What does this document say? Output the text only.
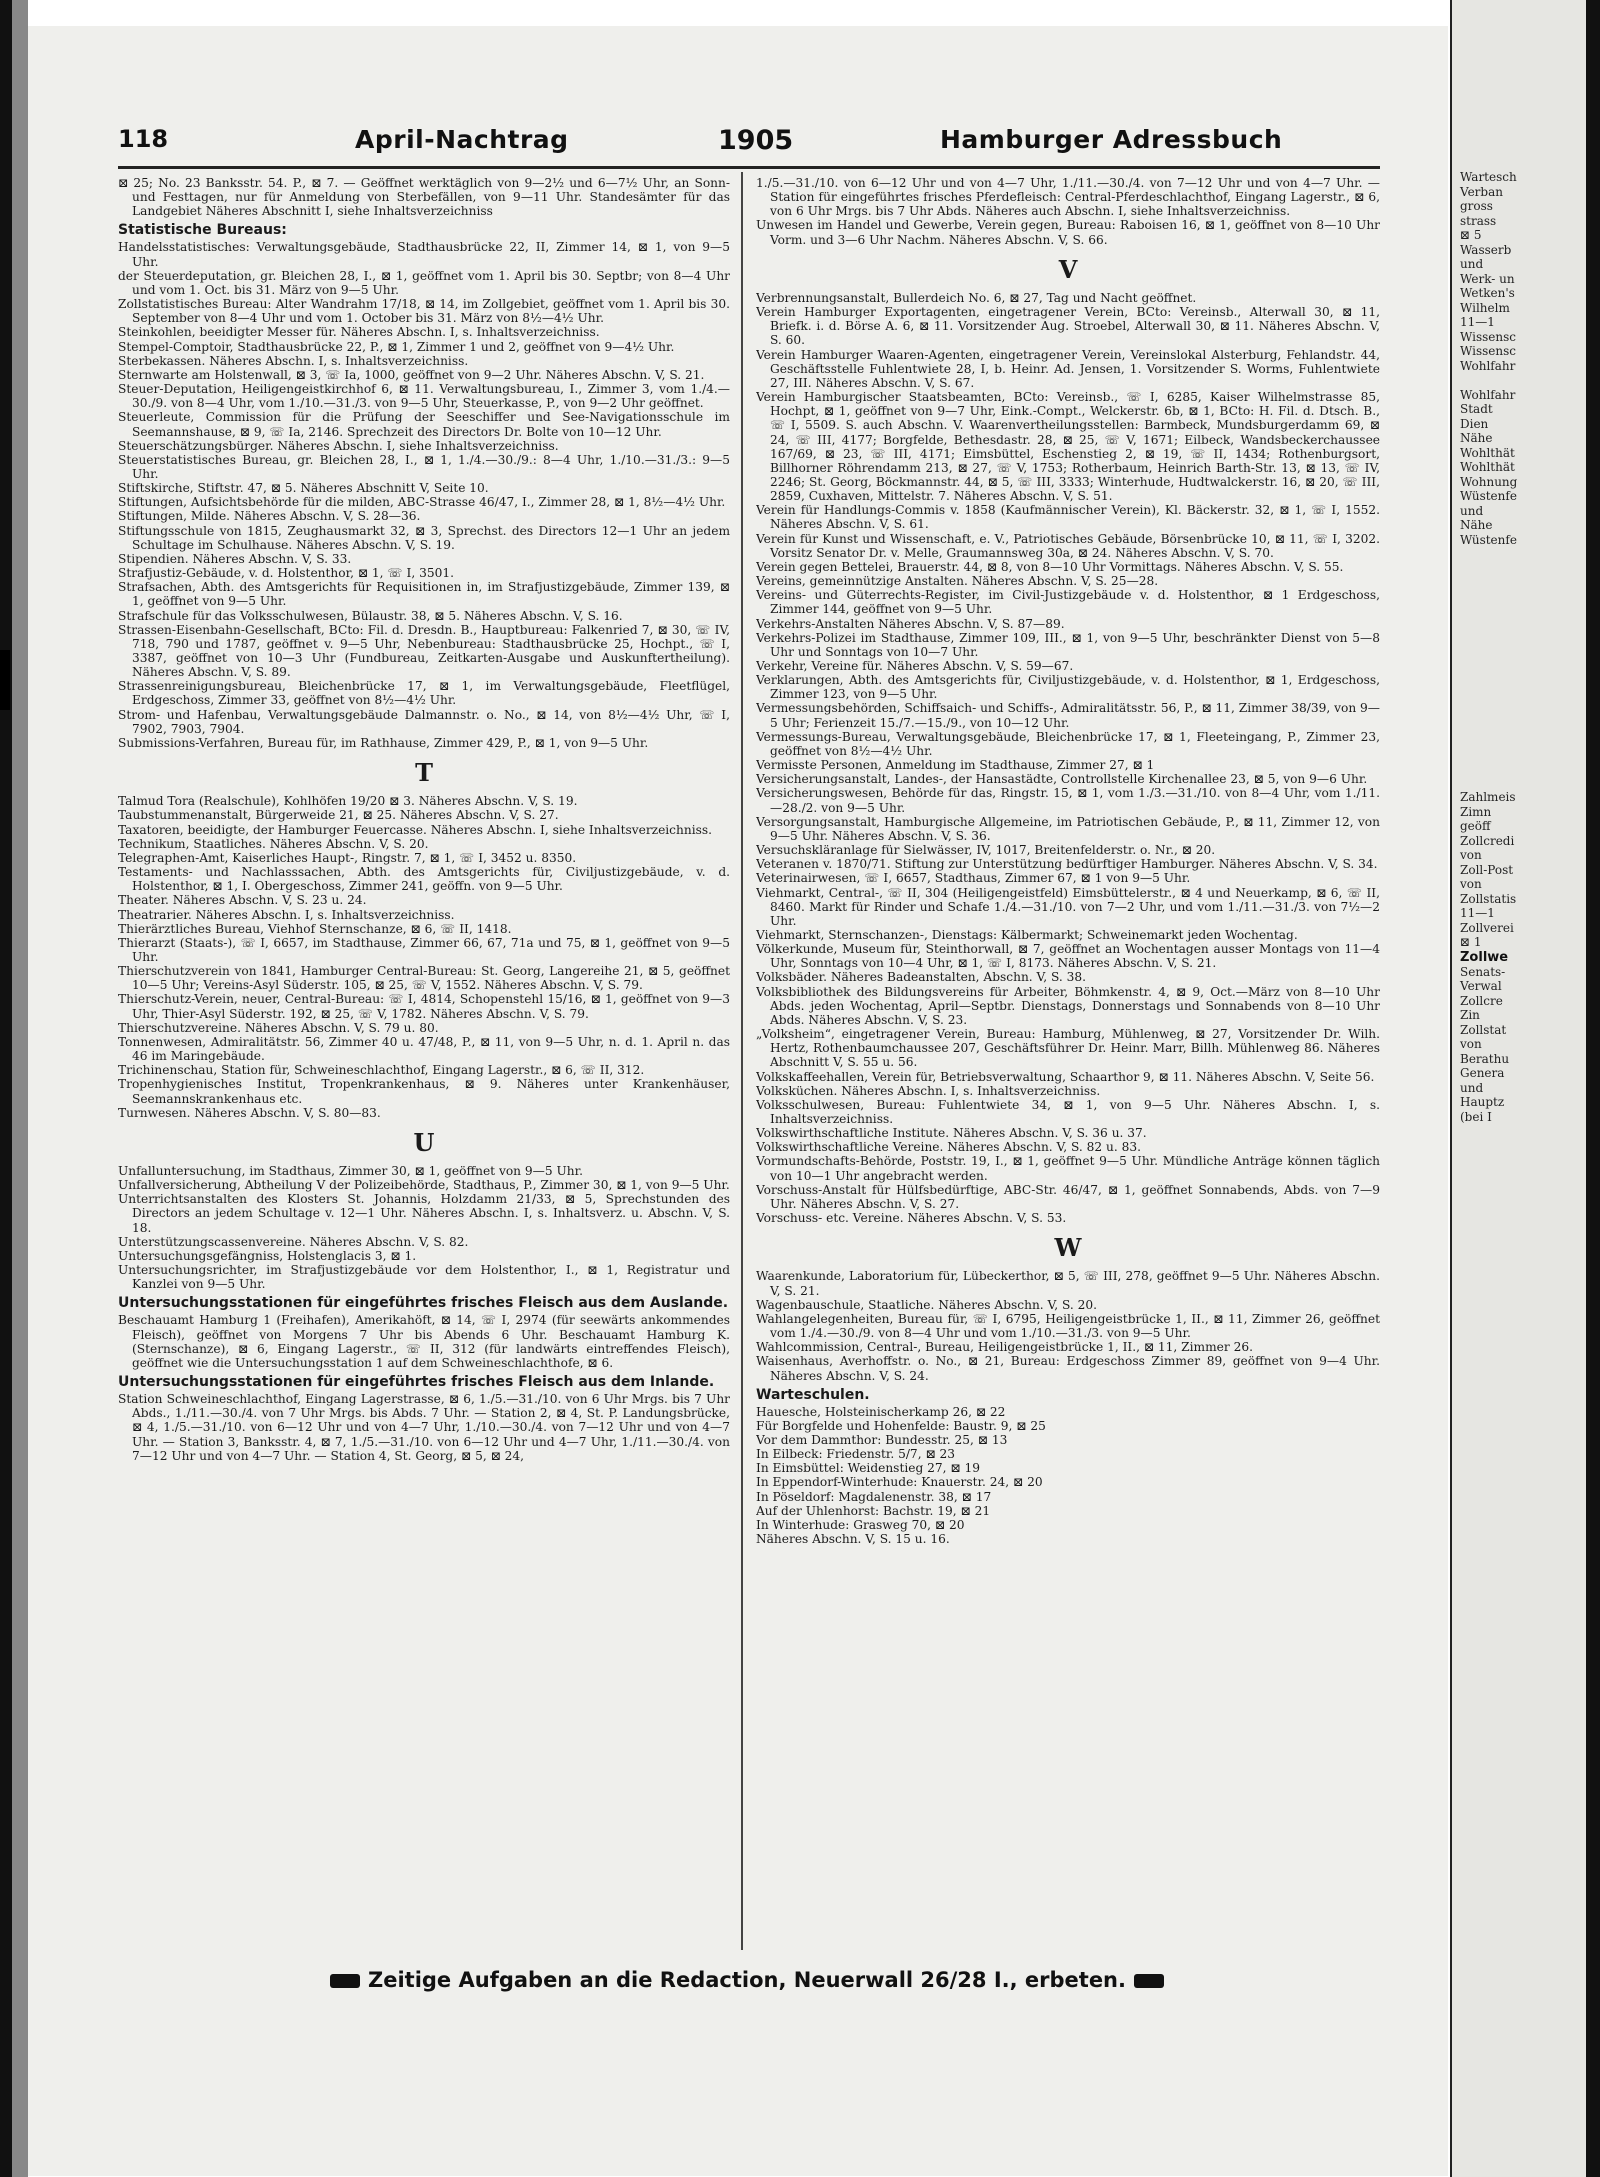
118	April-Nachtrag	1905	Hamburger Adressbuch

⊠ 25; No. 23 Banksstr. 54. P., ⊠ 7. — Geöffnet werktäglich von 9—2½ und 6—7½ Uhr, an Sonn- und Festtagen, nur für Anmeldung von Sterbefällen, von 9—11 Uhr. Standesämter für das Landgebiet Näheres Abschnitt I, siehe Inhaltsverzeichniss

Statistische Bureaus:

Handelsstatistisches: Verwaltungsgebäude, Stadthausbrücke 22, II, Zimmer 14, ⊠ 1, von 9—5 Uhr.

der Steuerdeputation, gr. Bleichen 28, I., ⊠ 1, geöffnet vom 1. April bis 30. Septbr; von 8—4 Uhr und vom 1. Oct. bis 31. März von 9—5 Uhr.

Zollstatistisches Bureau: Alter Wandrahm 17/18, ⊠ 14, im Zollgebiet, geöffnet vom 1. April bis 30. September von 8—4 Uhr und vom 1. October bis 31. März von 8½—4½ Uhr.

Steinkohlen, beeidigter Messer für. Näheres Abschn. I, s. Inhaltsverzeichniss.

Stempel-Comptoir, Stadthausbrücke 22, P., ⊠ 1, Zimmer 1 und 2, geöffnet von 9—4½ Uhr.

Sterbekassen. Näheres Abschn. I, s. Inhaltsverzeichniss.

Sternwarte am Holstenwall, ⊠ 3, ☏ Ia, 1000, geöffnet von 9—2 Uhr. Näheres Abschn. V, S. 21.

Steuer-Deputation, Heiligengeistkirchhof 6, ⊠ 11. Verwaltungsbureau, I., Zimmer 3, vom 1./4.—30./9. von 8—4 Uhr, vom 1./10.—31./3. von 9—5 Uhr, Steuerkasse, P., von 9—2 Uhr geöffnet.

Steuerleute, Commission für die Prüfung der Seeschiffer und See-Navigationsschule im Seemannshause, ⊠ 9, ☏ Ia, 2146. Sprechzeit des Directors Dr. Bolte von 10—12 Uhr.

Steuerschätzungsbürger. Näheres Abschn. I, siehe Inhaltsverzeichniss.

Steuerstatistisches Bureau, gr. Bleichen 28, I., ⊠ 1, 1./4.—30./9.: 8—4 Uhr, 1./10.—31./3.: 9—5 Uhr.

Stiftskirche, Stiftstr. 47, ⊠ 5. Näheres Abschnitt V, Seite 10.

Stiftungen, Aufsichtsbehörde für die milden, ABC-Strasse 46/47, I., Zimmer 28, ⊠ 1, 8½—4½ Uhr.

Stiftungen, Milde. Näheres Abschn. V, S. 28—36.

Stiftungsschule von 1815, Zeughausmarkt 32, ⊠ 3, Sprechst. des Directors 12—1 Uhr an jedem Schultage im Schulhause. Näheres Abschn. V, S. 19.

Stipendien. Näheres Abschn. V, S. 33.

Strafjustiz-Gebäude, v. d. Holstenthor, ⊠ 1, ☏ I, 3501.

Strafsachen, Abth. des Amtsgerichts für Requisitionen in, im Strafjustizgebäude, Zimmer 139, ⊠ 1, geöffnet von 9—5 Uhr.

Strafschule für das Volksschulwesen, Bülaustr. 38, ⊠ 5. Näheres Abschn. V, S. 16.

Strassen-Eisenbahn-Gesellschaft, BCto: Fil. d. Dresdn. B., Hauptbureau: Falkenried 7, ⊠ 30, ☏ IV, 718, 790 und 1787, geöffnet v. 9—5 Uhr, Nebenbureau: Stadthausbrücke 25, Hochpt., ☏ I, 3387, geöffnet von 10—3 Uhr (Fundbureau, Zeitkarten-Ausgabe und Auskunftertheilung). Näheres Abschn. V, S. 89.

Strassenreinigungsbureau, Bleichenbrücke 17, ⊠ 1, im Verwaltungsgebäude, Fleetflügel, Erdgeschoss, Zimmer 33, geöffnet von 8½—4½ Uhr.

Strom- und Hafenbau, Verwaltungsgebäude Dalmannstr. o. No., ⊠ 14, von 8½—4½ Uhr, ☏ I, 7902, 7903, 7904.

Submissions-Verfahren, Bureau für, im Rathhause, Zimmer 429, P., ⊠ 1, von 9—5 Uhr.

T

Talmud Tora (Realschule), Kohlhöfen 19/20 ⊠ 3. Näheres Abschn. V, S. 19.

Taubstummenanstalt, Bürgerweide 21, ⊠ 25. Näheres Abschn. V, S. 27.

Taxatoren, beeidigte, der Hamburger Feuercasse. Näheres Abschn. I, siehe Inhaltsverzeichniss.

Technikum, Staatliches. Näheres Abschn. V, S. 20.

Telegraphen-Amt, Kaiserliches Haupt-, Ringstr. 7, ⊠ 1, ☏ I, 3452 u. 8350.

Testaments- und Nachlasssachen, Abth. des Amtsgerichts für, Civiljustizgebäude, v. d. Holstenthor, ⊠ 1, I. Obergeschoss, Zimmer 241, geöffn. von 9—5 Uhr.

Theater. Näheres Abschn. V, S. 23 u. 24.

Theatrarier. Näheres Abschn. I, s. Inhaltsverzeichniss.

Thierärztliches Bureau, Viehhof Sternschanze, ⊠ 6, ☏ II, 1418.

Thierarzt (Staats-), ☏ I, 6657, im Stadthause, Zimmer 66, 67, 71a und 75, ⊠ 1, geöffnet von 9—5 Uhr.

Thierschutzverein von 1841, Hamburger Central-Bureau: St. Georg, Langereihe 21, ⊠ 5, geöffnet 10—5 Uhr; Vereins-Asyl Süderstr. 105, ⊠ 25, ☏ V, 1552. Näheres Abschn. V, S. 79.

Thierschutz-Verein, neuer, Central-Bureau: ☏ I, 4814, Schopenstehl 15/16, ⊠ 1, geöffnet von 9—3 Uhr, Thier-Asyl Süderstr. 192, ⊠ 25, ☏ V, 1782. Näheres Abschn. V, S. 79.

Thierschutzvereine. Näheres Abschn. V, S. 79 u. 80.

Tonnenwesen, Admiralitätstr. 56, Zimmer 40 u. 47/48, P., ⊠ 11, von 9—5 Uhr, n. d. 1. April n. das 46 im Maringebäude.

Trichinenschau, Station für, Schweineschlachthof, Eingang Lagerstr., ⊠ 6, ☏ II, 312.

Tropenhygienisches Institut, Tropenkrankenhaus, ⊠ 9. Näheres unter Krankenhäuser, Seemannskrankenhaus etc.

Turnwesen. Näheres Abschn. V, S. 80—83.

U

Unfalluntersuchung, im Stadthaus, Zimmer 30, ⊠ 1, geöffnet von 9—5 Uhr.

Unfallversicherung, Abtheilung V der Polizeibehörde, Stadthaus, P., Zimmer 30, ⊠ 1, von 9—5 Uhr.

Unterrichtsanstalten des Klosters St. Johannis, Holzdamm 21/33, ⊠ 5, Sprechstunden des Directors an jedem Schultage v. 12—1 Uhr. Näheres Abschn. I, s. Inhaltsverz. u. Abschn. V, S. 18.

Unterstützungscassenvereine. Näheres Abschn. V, S. 82.

Untersuchungsgefängniss, Holstenglacis 3, ⊠ 1.

Untersuchungsrichter, im Strafjustizgebäude vor dem Holstenthor, I., ⊠ 1, Registratur und Kanzlei von 9—5 Uhr.

Untersuchungsstationen für eingeführtes frisches Fleisch aus dem Auslande.

Beschauamt Hamburg 1 (Freihafen), Amerikahöft, ⊠ 14, ☏ I, 2974 (für seewärts ankommendes Fleisch), geöffnet von Morgens 7 Uhr bis Abends 6 Uhr. Beschauamt Hamburg K. (Sternschanze), ⊠ 6, Eingang Lagerstr., ☏ II, 312 (für landwärts eintreffendes Fleisch), geöffnet wie die Untersuchungsstation 1 auf dem Schweineschlachthofe, ⊠ 6.

Untersuchungsstationen für eingeführtes frisches Fleisch aus dem Inlande.

Station Schweineschlachthof, Eingang Lagerstrasse, ⊠ 6, 1./5.—31./10. von 6 Uhr Mrgs. bis 7 Uhr Abds., 1./11.—30./4. von 7 Uhr Mrgs. bis Abds. 7 Uhr. — Station 2, ⊠ 4, St. P. Landungsbrücke, ⊠ 4, 1./5.—31./10. von 6—12 Uhr und von 4—7 Uhr, 1./10.—30./4. von 7—12 Uhr und von 4—7 Uhr. — Station 3, Banksstr. 4, ⊠ 7, 1./5.—31./10. von 6—12 Uhr und 4—7 Uhr, 1./11.—30./4. von 7—12 Uhr und von 4—7 Uhr. — Station 4, St. Georg, ⊠ 5, ⊠ 24,

1./5.—31./10. von 6—12 Uhr und von 4—7 Uhr, 1./11.—30./4. von 7—12 Uhr und von 4—7 Uhr. — Station für eingeführtes frisches Pferdefleisch: Central-Pferdeschlachthof, Eingang Lagerstr., ⊠ 6, von 6 Uhr Mrgs. bis 7 Uhr Abds. Näheres auch Abschn. I, siehe Inhaltsverzeichniss.

Unwesen im Handel und Gewerbe, Verein gegen, Bureau: Raboisen 16, ⊠ 1, geöffnet von 8—10 Uhr Vorm. und 3—6 Uhr Nachm. Näheres Abschn. V, S. 66.

V

Verbrennungsanstalt, Bullerdeich No. 6, ⊠ 27, Tag und Nacht geöffnet.

Verein Hamburger Exportagenten, eingetragener Verein, BCto: Vereinsb., Alterwall 30, ⊠ 11, Briefk. i. d. Börse A. 6, ⊠ 11. Vorsitzender Aug. Stroebel, Alterwall 30, ⊠ 11. Näheres Abschn. V, S. 60.

Verein Hamburger Waaren-Agenten, eingetragener Verein, Vereinslokal Alsterburg, Fehlandstr. 44, Geschäftsstelle Fuhlentwiete 28, I, b. Heinr. Ad. Jensen, 1. Vorsitzender S. Worms, Fuhlentwiete 27, III. Näheres Abschn. V, S. 67.

Verein Hamburgischer Staatsbeamten, BCto: Vereinsb., ☏ I, 6285, Kaiser Wilhelmstrasse 85, Hochpt, ⊠ 1, geöffnet von 9—7 Uhr, Eink.-Compt., Welckerstr. 6b, ⊠ 1, BCto: H. Fil. d. Dtsch. B., ☏ I, 5509. S. auch Abschn. V. Waarenvertheilungsstellen: Barmbeck, Mundsburgerdamm 69, ⊠ 24, ☏ III, 4177; Borgfelde, Bethesdastr. 28, ⊠ 25, ☏ V, 1671; Eilbeck, Wandsbeckerchaussee 167/69, ⊠ 23, ☏ III, 4171; Eimsbüttel, Eschenstieg 2, ⊠ 19, ☏ II, 1434; Rothenburgsort, Billhorner Röhrendamm 213, ⊠ 27, ☏ V, 1753; Rotherbaum, Heinrich Barth-Str. 13, ⊠ 13, ☏ IV, 2246; St. Georg, Böckmannstr. 44, ⊠ 5, ☏ III, 3333; Winterhude, Hudtwalckerstr. 16, ⊠ 20, ☏ III, 2859, Cuxhaven, Mittelstr. 7. Näheres Abschn. V, S. 51.

Verein für Handlungs-Commis v. 1858 (Kaufmännischer Verein), Kl. Bäckerstr. 32, ⊠ 1, ☏ I, 1552. Näheres Abschn. V, S. 61.

Verein für Kunst und Wissenschaft, e. V., Patriotisches Gebäude, Börsenbrücke 10, ⊠ 11, ☏ I, 3202. Vorsitz Senator Dr. v. Melle, Graumannsweg 30a, ⊠ 24. Näheres Abschn. V, S. 70.

Verein gegen Bettelei, Brauerstr. 44, ⊠ 8, von 8—10 Uhr Vormittags. Näheres Abschn. V, S. 55.

Vereins, gemeinnützige Anstalten. Näheres Abschn. V, S. 25—28.

Vereins- und Güterrechts-Register, im Civil-Justizgebäude v. d. Holstenthor, ⊠ 1 Erdgeschoss, Zimmer 144, geöffnet von 9—5 Uhr.

Verkehrs-Anstalten Näheres Abschn. V, S. 87—89.

Verkehrs-Polizei im Stadthause, Zimmer 109, III., ⊠ 1, von 9—5 Uhr, beschränkter Dienst von 5—8 Uhr und Sonntags von 10—7 Uhr.

Verkehr, Vereine für. Näheres Abschn. V, S. 59—67.

Verklarungen, Abth. des Amtsgerichts für, Civiljustizgebäude, v. d. Holstenthor, ⊠ 1, Erdgeschoss, Zimmer 123, von 9—5 Uhr.

Vermessungsbehörden, Schiffsaich- und Schiffs-, Admiralitätsstr. 56, P., ⊠ 11, Zimmer 38/39, von 9—5 Uhr; Ferienzeit 15./7.—15./9., von 10—12 Uhr.

Vermessungs-Bureau, Verwaltungsgebäude, Bleichenbrücke 17, ⊠ 1, Fleeteingang, P., Zimmer 23, geöffnet von 8½—4½ Uhr.

Vermisste Personen, Anmeldung im Stadthause, Zimmer 27, ⊠ 1

Versicherungsanstalt, Landes-, der Hansastädte, Controllstelle Kirchenallee 23, ⊠ 5, von 9—6 Uhr.

Versicherungswesen, Behörde für das, Ringstr. 15, ⊠ 1, vom 1./3.—31./10. von 8—4 Uhr, vom 1./11.—28./2. von 9—5 Uhr.

Versorgungsanstalt, Hamburgische Allgemeine, im Patriotischen Gebäude, P., ⊠ 11, Zimmer 12, von 9—5 Uhr. Näheres Abschn. V, S. 36.

Versuchskläranlage für Sielwässer, IV, 1017, Breitenfelderstr. o. Nr., ⊠ 20.

Veteranen v. 1870/71. Stiftung zur Unterstützung bedürftiger Hamburger. Näheres Abschn. V, S. 34.

Veterinairwesen, ☏ I, 6657, Stadthaus, Zimmer 67, ⊠ 1 von 9—5 Uhr.

Viehmarkt, Central-, ☏ II, 304 (Heiligengeistfeld) Eimsbüttelerstr., ⊠ 4 und Neuerkamp, ⊠ 6, ☏ II, 8460. Markt für Rinder und Schafe 1./4.—31./10. von 7—2 Uhr, und vom 1./11.—31./3. von 7½—2 Uhr.

Viehmarkt, Sternschanzen-, Dienstags: Kälbermarkt; Schweinemarkt jeden Wochentag.

Völkerkunde, Museum für, Steinthorwall, ⊠ 7, geöffnet an Wochentagen ausser Montags von 11—4 Uhr, Sonntags von 10—4 Uhr, ⊠ 1, ☏ I, 8173. Näheres Abschn. V, S. 21.

Volksbäder. Näheres Badeanstalten, Abschn. V, S. 38.

Volksbibliothek des Bildungsvereins für Arbeiter, Böhmkenstr. 4, ⊠ 9, Oct.—März von 8—10 Uhr Abds. jeden Wochentag, April—Septbr. Dienstags, Donnerstags und Sonnabends von 8—10 Uhr Abds. Näheres Abschn. V, S. 23.

„Volksheim“, eingetragener Verein, Bureau: Hamburg, Mühlenweg, ⊠ 27, Vorsitzender Dr. Wilh. Hertz, Rothenbaumchaussee 207, Geschäftsführer Dr. Heinr. Marr, Billh. Mühlenweg 86. Näheres Abschnitt V, S. 55 u. 56.

Volkskaffeehallen, Verein für, Betriebsverwaltung, Schaarthor 9, ⊠ 11. Näheres Abschn. V, Seite 56.

Volksküchen. Näheres Abschn. I, s. Inhaltsverzeichniss.

Volksschulwesen, Bureau: Fuhlentwiete 34, ⊠ 1, von 9—5 Uhr. Näheres Abschn. I, s. Inhaltsverzeichniss.

Volkswirthschaftliche Institute. Näheres Abschn. V, S. 36 u. 37.

Volkswirthschaftliche Vereine. Näheres Abschn. V, S. 82 u. 83.

Vormundschafts-Behörde, Poststr. 19, I., ⊠ 1, geöffnet 9—5 Uhr. Mündliche Anträge können täglich von 10—1 Uhr angebracht werden.

Vorschuss-Anstalt für Hülfsbedürftige, ABC-Str. 46/47, ⊠ 1, geöffnet Sonnabends, Abds. von 7—9 Uhr. Näheres Abschn. V, S. 27.

Vorschuss- etc. Vereine. Näheres Abschn. V, S. 53.

W

Waarenkunde, Laboratorium für, Lübeckerthor, ⊠ 5, ☏ III, 278, geöffnet 9—5 Uhr. Näheres Abschn. V, S. 21.

Wagenbauschule, Staatliche. Näheres Abschn. V, S. 20.

Wahlangelegenheiten, Bureau für, ☏ I, 6795, Heiligengeistbrücke 1, II., ⊠ 11, Zimmer 26, geöffnet vom 1./4.—30./9. von 8—4 Uhr und vom 1./10.—31./3. von 9—5 Uhr.

Wahlcommission, Central-, Bureau, Heiligengeistbrücke 1, II., ⊠ 11, Zimmer 26.

Waisenhaus, Averhoffstr. o. No., ⊠ 21, Bureau: Erdgeschoss Zimmer 89, geöffnet von 9—4 Uhr. Näheres Abschn. V, S. 24.

Warteschulen.

Hauesche, Holsteinischerkamp 26, ⊠ 22

Für Borgfelde und Hohenfelde: Baustr. 9, ⊠ 25

Vor dem Dammthor: Bundesstr. 25, ⊠ 13

In Eilbeck: Friedenstr. 5/7, ⊠ 23

In Eimsbüttel: Weidenstieg 27, ⊠ 19

In Eppendorf-Winterhude: Knauerstr. 24, ⊠ 20

In Pöseldorf: Magdalenenstr. 38, ⊠ 17

Auf der Uhlenhorst: Bachstr. 19, ⊠ 21

In Winterhude: Grasweg 70, ⊠ 20

Näheres Abschn. V, S. 15 u. 16.

Zeitige Aufgaben an die Redaction, Neuerwall 26/28 I., erbeten.
Wartesch
Verban
gross
strass
⊠ 5
Wasserb
und
Werk- un
Wetken's
Wilhelm
11—1
Wissensc
Wissensc
Wohlfahr

Wohlfahr
Stadt
Dien
Nähe
Wohlthät
Wohlthät
Wohnung
Wüstenfe
und
Nähe
Wüstenfe
Zahlmeis
Zimn
geöff
Zollcredi
von
Zoll-Post
von
Zollstatis
11—1
Zollverei
⊠ 1
Zollwe
Senats-
Verwal
Zollcre
Zin
Zollstat
von
Berathu
Genera
und
Hauptz
(bei I
